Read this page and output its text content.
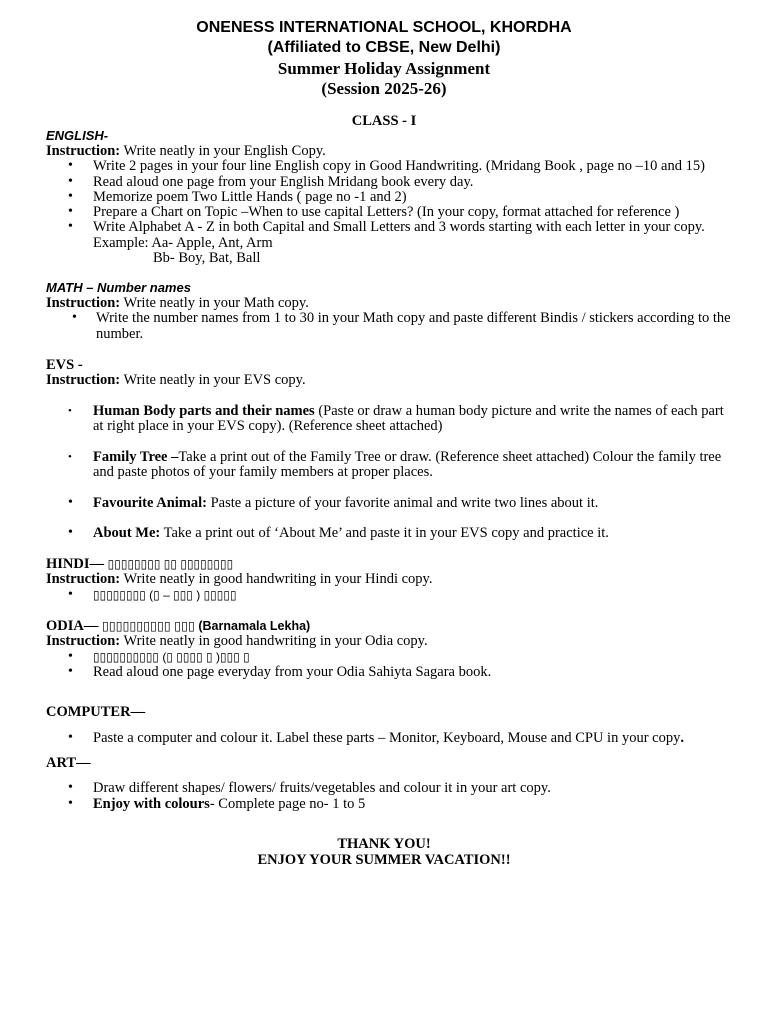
ONENESS INTERNATIONAL SCHOOL, KHORDHA
(Affiliated to CBSE, New Delhi)
Summer Holiday Assignment
(Session 2025-26)
CLASS - I
ENGLISH-
Instruction: Write neatly in your English Copy.
• Write 2 pages in your four line English copy in Good Handwriting. (Mridang Book , page no –10 and 15)
• Read aloud one page from your English Mridang book every day.
• Memorize poem Two Little Hands ( page no -1 and 2)
• Prepare a Chart on Topic –When to use capital Letters? (In your copy, format attached for reference )
• Write Alphabet A - Z in both Capital and Small Letters and 3 words starting with each letter in your copy.
Example: Aa- Apple, Ant, Arm
Bb- Boy, Bat, Ball
MATH – Number names
Instruction: Write neatly in your Math copy.
• Write the number names from 1 to 30 in your Math copy and paste different Bindis / stickers according to the
number.
EVS -
Instruction: Write neatly in your EVS copy.
• Human Body parts and their names (Paste or draw a human body picture and write the names of each part
at right place in your EVS copy). (Reference sheet attached)
• Family Tree –Take a print out of the Family Tree or draw. (Reference sheet attached) Colour the family tree
and paste photos of your family members at proper places.
• Favourite Animal: Paste a picture of your favorite animal and write two lines about it.
• About Me: Take a print out of ‘About Me’ and paste it in your EVS copy and practice it.
HINDI— ▯▯▯▯▯▯▯▯ ▯▯ ▯▯▯▯▯▯▯▯
Instruction: Write neatly in good handwriting in your Hindi copy.
• ▯▯▯▯▯▯▯▯ (▯ – ▯▯▯ ) ▯▯▯▯▯
ODIA— ▯▯▯▯▯▯▯▯▯▯ ▯▯▯ (Barnamala Lekha)
Instruction: Write neatly in good handwriting in your Odia copy.
• ▯▯▯▯▯▯▯▯▯▯ (▯ ▯▯▯▯ ▯ )▯▯▯ ▯
• Read aloud one page everyday from your Odia Sahiyta Sagara book.
COMPUTER—
• Paste a computer and colour it. Label these parts – Monitor, Keyboard, Mouse and CPU in your copy.
ART—
• Draw different shapes/ flowers/ fruits/vegetables and colour it in your art copy.
• Enjoy with colours- Complete page no- 1 to 5
THANK YOU!
ENJOY YOUR SUMMER VACATION!!
